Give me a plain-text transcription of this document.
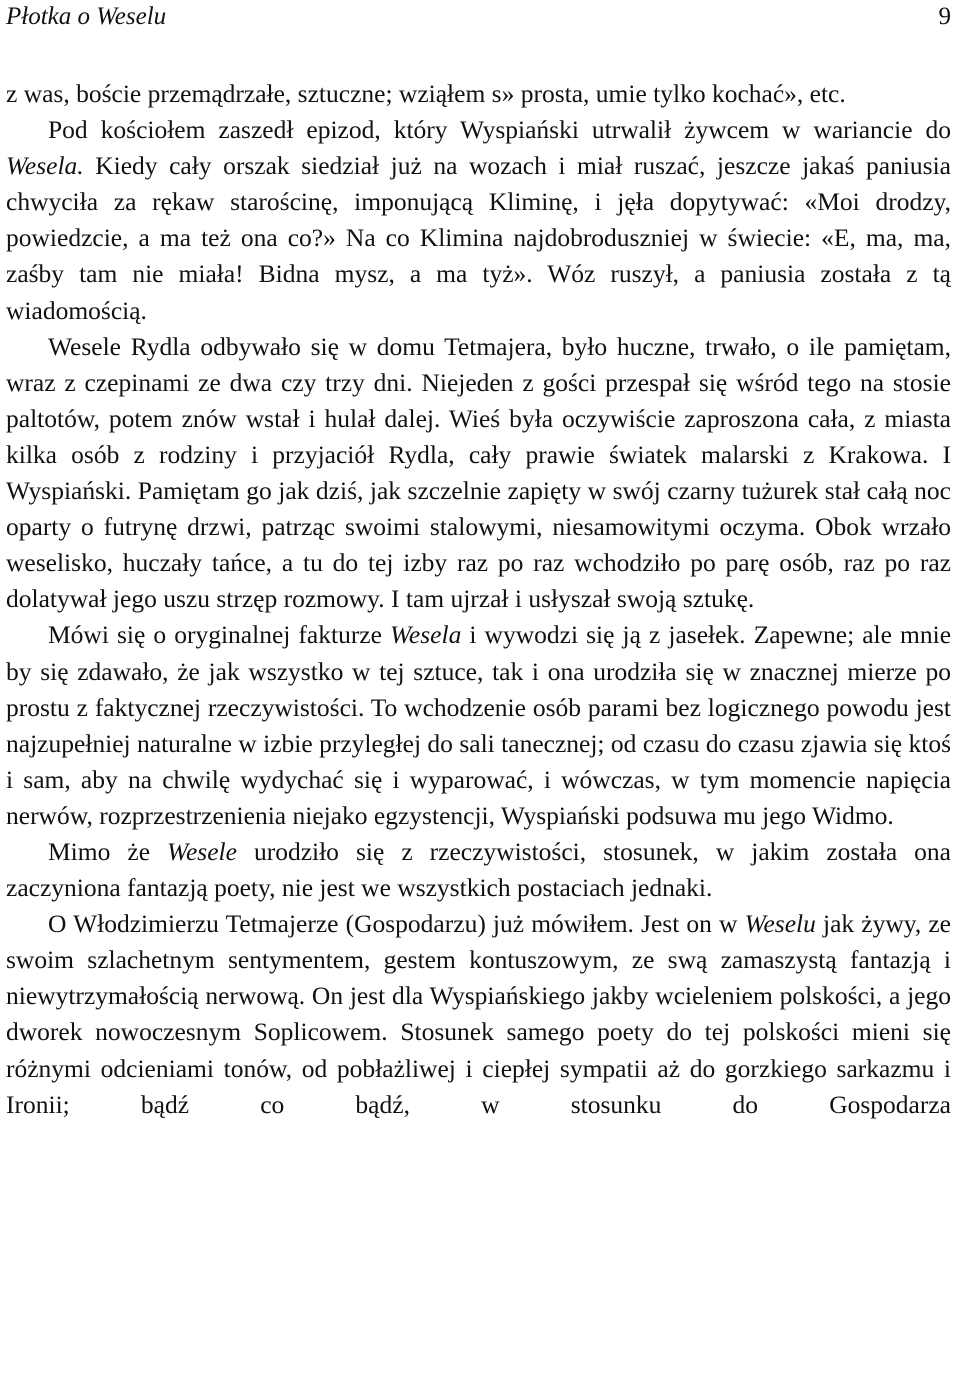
Płotka o Weselu	9

z was, boście przemądrzałe, sztuczne; wziąłem s» prosta, umie tylko kochać», etc.

Pod kościołem zaszedł epizod, który Wyspiański utrwalił żywcem w wariancie do Wesela. Kiedy cały orszak siedział już na wozach i miał ruszać, jeszcze jakaś paniusia chwyciła za rękaw starościnę, imponującą Kliminę, i jęła dopytywać: «Moi drodzy, powiedzcie, a ma też ona co?» Na co Klimina najdobroduszniej w świecie: «E, ma, ma, zaśby tam nie miała! Bidna mysz, a ma tyż». Wóz ruszył, a paniusia została z tą wiadomością.

Wesele Rydla odbywało się w domu Tetmajera, było huczne, trwało, o ile pamiętam, wraz z czepinami ze dwa czy trzy dni. Niejeden z gości przespał się wśród tego na stosie paltotów, potem znów wstał i hulał dalej. Wieś była oczywiście zaproszona cała, z miasta kilka osób z rodziny i przyjaciół Rydla, cały prawie światek malarski z Krakowa. I Wyspiański. Pamiętam go jak dziś, jak szczelnie zapięty w swój czarny tużurek stał całą noc oparty o futrynę drzwi, patrząc swoimi stalowymi, niesamowitymi oczyma. Obok wrzało weselisko, huczały tańce, a tu do tej izby raz po raz wchodziło po parę osób, raz po raz dolatywał jego uszu strzęp rozmowy. I tam ujrzał i usłyszał swoją sztukę.

Mówi się o oryginalnej fakturze Wesela i wywodzi się ją z jasełek. Zapewne; ale mnie by się zdawało, że jak wszystko w tej sztuce, tak i ona urodziła się w znacznej mierze po prostu z faktycznej rzeczywistości. To wchodzenie osób parami bez logicznego powodu jest najzupełniej naturalne w izbie przyległej do sali tanecznej; od czasu do czasu zjawia się ktoś i sam, aby na chwilę wydychać się i wyparować, i wówczas, w tym momencie napięcia nerwów, rozprzestrzenienia niejako egzystencji, Wyspiański podsuwa mu jego Widmo.

Mimo że Wesele urodziło się z rzeczywistości, stosunek, w jakim została ona zaczyniona fantazją poety, nie jest we wszystkich postaciach jednaki.

O Włodzimierzu Tetmajerze (Gospodarzu) już mówiłem. Jest on w Weselu jak żywy, ze swoim szlachetnym sentymentem, gestem kontuszowym, ze swą zamaszystą fantazją i niewytrzymałością nerwową. On jest dla Wyspiańskiego jakby wcieleniem polskości, a jego dworek nowoczesnym Soplicowem. Stosunek samego poety do tej polskości mieni się różnymi odcieniami tonów, od pobłażliwej i ciepłej sympatii aż do gorzkiego sarkazmu i Ironii; bądź co bądź, w stosunku do Gospodarza
